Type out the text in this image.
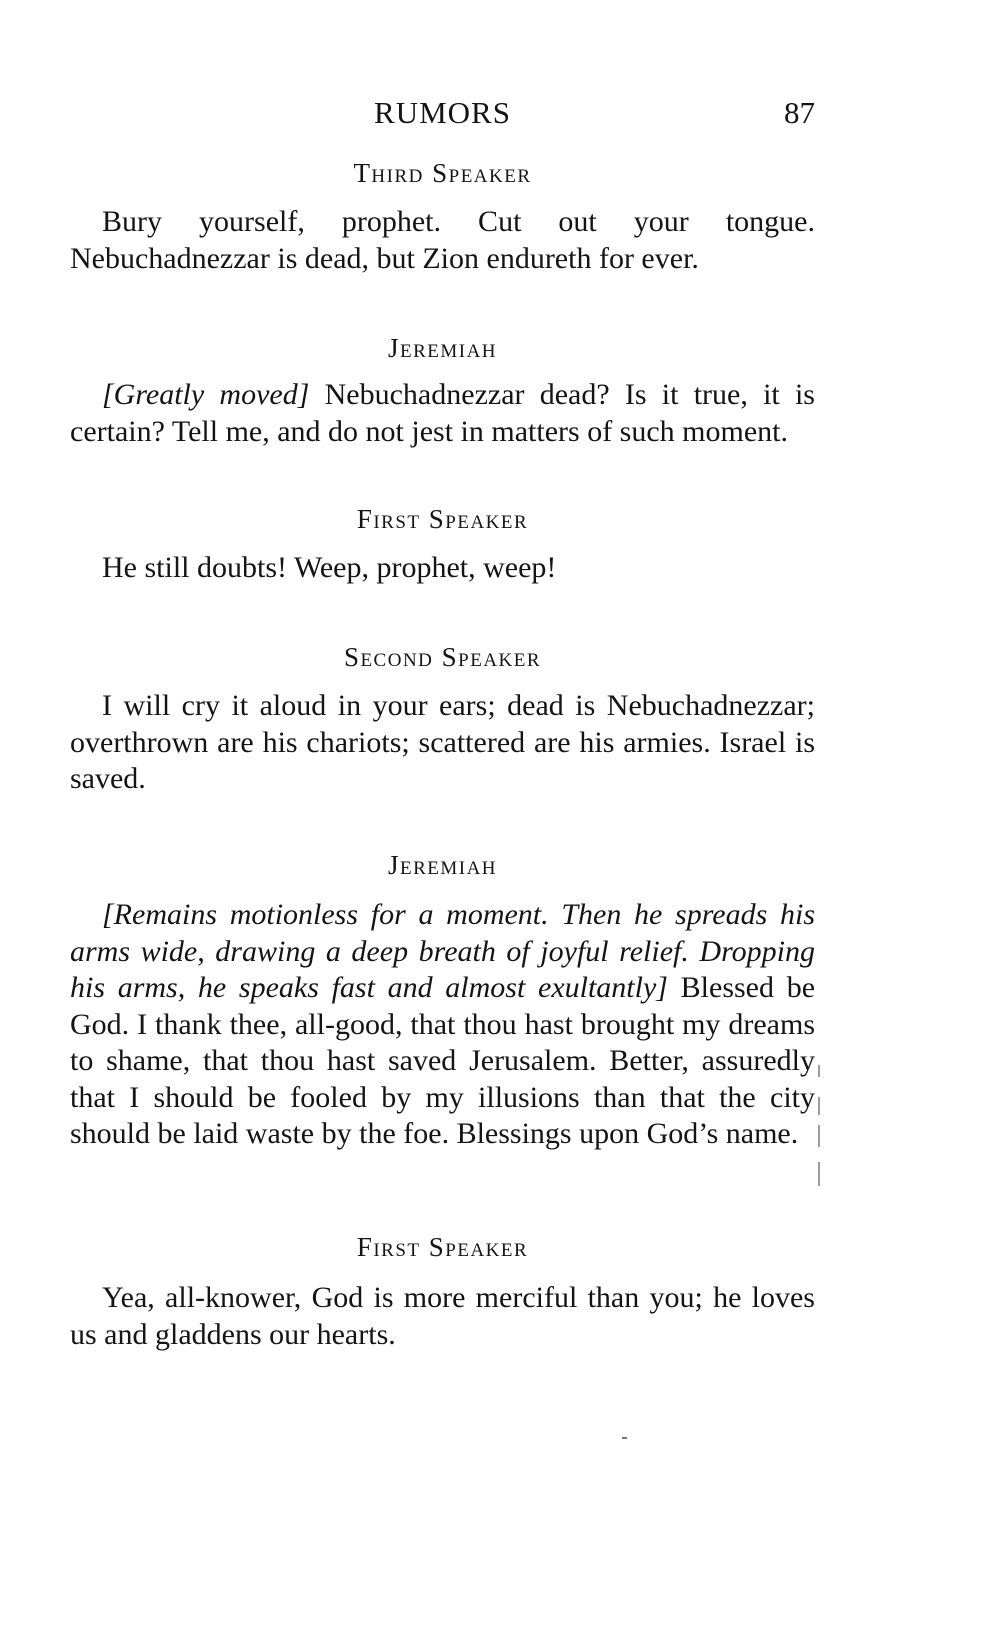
RUMORS	87
Third Speaker

Bury yourself, prophet. Cut out your tongue. Nebuchadnezzar is dead, but Zion endureth for ever.

Jeremiah

[Greatly moved] Nebuchadnezzar dead? Is it true, it is certain? Tell me, and do not jest in matters of such moment.

First Speaker

He still doubts! Weep, prophet, weep!

Second Speaker

I will cry it aloud in your ears; dead is Nebuchadnezzar; overthrown are his chariots; scattered are his armies. Israel is saved.

Jeremiah

[Remains motionless for a moment. Then he spreads his arms wide, drawing a deep breath of joyful relief. Dropping his arms, he speaks fast and almost exultantly] Blessed be God. I thank thee, all-good, that thou hast brought my dreams to shame, that thou hast saved Jerusalem. Better, assuredly that I should be fooled by my illusions than that the city should be laid waste by the foe. Blessings upon God’s name.

First Speaker

Yea, all-knower, God is more merciful than you; he loves us and gladdens our hearts.
